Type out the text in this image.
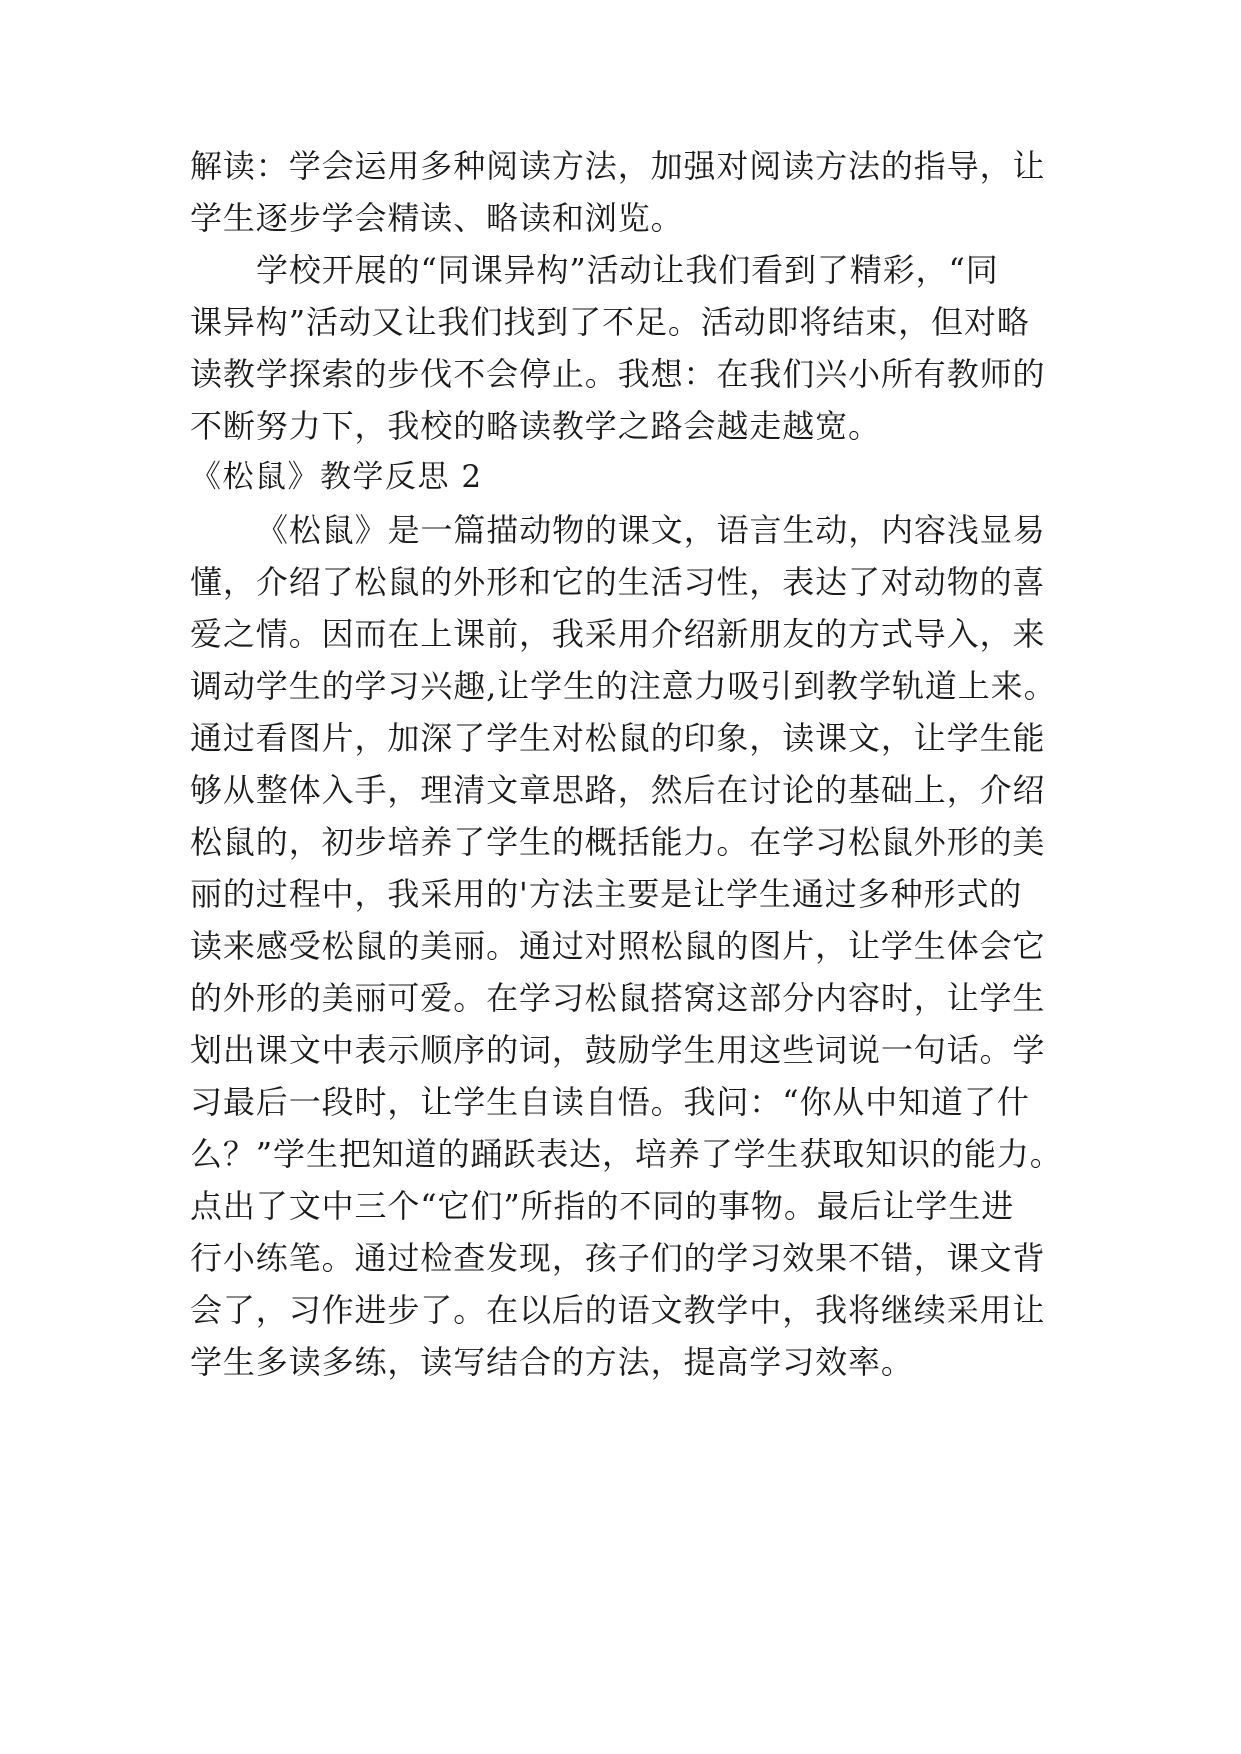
解读：学会运用多种阅读方法，加强对阅读方法的指导，让
学生逐步学会精读、略读和浏览。
学校开展的“同课异构”活动让我们看到了精彩，“同
课异构”活动又让我们找到了不足。活动即将结束，但对略
读教学探索的步伐不会停止。我想：在我们兴小所有教师的
不断努力下，我校的略读教学之路会越走越宽。
《松鼠》教学反思 2
《松鼠》是一篇描动物的课文，语言生动，内容浅显易
懂，介绍了松鼠的外形和它的生活习性，表达了对动物的喜
爱之情。因而在上课前，我采用介绍新朋友的方式导入，来
调动学生的学习兴趣,让学生的注意力吸引到教学轨道上来。
通过看图片，加深了学生对松鼠的印象，读课文，让学生能
够从整体入手，理清文章思路，然后在讨论的基础上，介绍
松鼠的，初步培养了学生的概括能力。在学习松鼠外形的美
丽的过程中，我采用的'方法主要是让学生通过多种形式的
读来感受松鼠的美丽。通过对照松鼠的图片，让学生体会它
的外形的美丽可爱。在学习松鼠搭窝这部分内容时，让学生
划出课文中表示顺序的词，鼓励学生用这些词说一句话。学
习最后一段时，让学生自读自悟。我问：“你从中知道了什
么？”学生把知道的踊跃表达，培养了学生获取知识的能力。
点出了文中三个“它们”所指的不同的事物。最后让学生进
行小练笔。通过检查发现，孩子们的学习效果不错，课文背
会了，习作进步了。在以后的语文教学中，我将继续采用让
学生多读多练，读写结合的方法，提高学习效率。
